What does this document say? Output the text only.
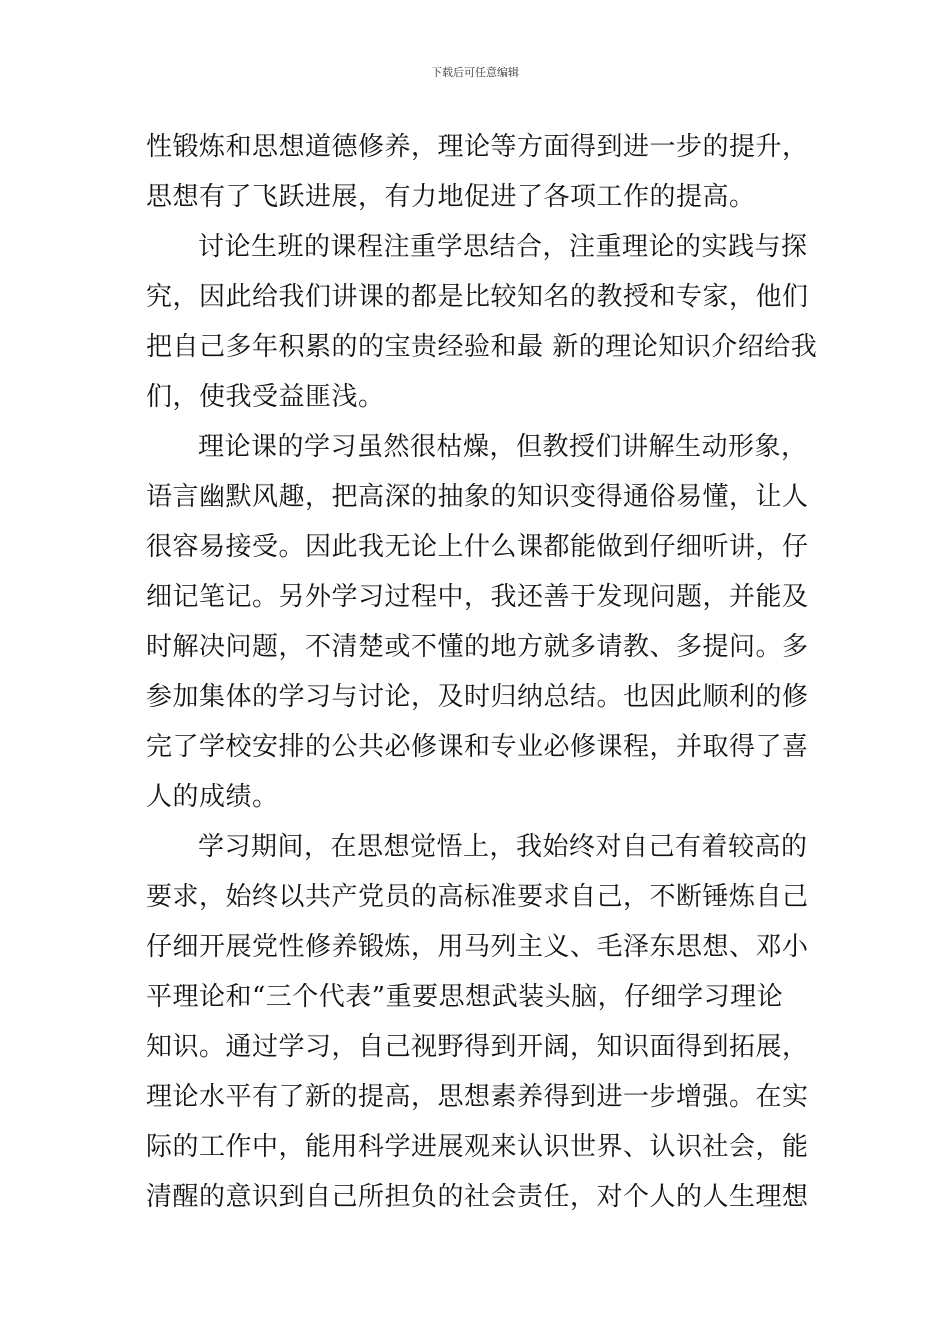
下载后可任意编辑
性锻炼和思想道德修养，理论等方面得到进一步的提升，
思想有了飞跃进展，有力地促进了各项工作的提高。
讨论生班的课程注重学思结合，注重理论的实践与探
究，因此给我们讲课的都是比较知名的教授和专家，他们
把自己多年积累的的宝贵经验和最 新的理论知识介绍给我
们，使我受益匪浅。
理论课的学习虽然很枯燥，但教授们讲解生动形象，
语言幽默风趣，把高深的抽象的知识变得通俗易懂，让人
很容易接受。因此我无论上什么课都能做到仔细听讲，仔
细记笔记。另外学习过程中，我还善于发现问题，并能及
时解决问题，不清楚或不懂的地方就多请教、多提问。多
参加集体的学习与讨论，及时归纳总结。也因此顺利的修
完了学校安排的公共必修课和专业必修课程，并取得了喜
人的成绩。
学习期间，在思想觉悟上，我始终对自己有着较高的
要求，始终以共产党员的高标准要求自己，不断锤炼自己
仔细开展党性修养锻炼，用马列主义、毛泽东思想、邓小
平理论和“三个代表”重要思想武装头脑，仔细学习理论
知识。通过学习，自己视野得到开阔，知识面得到拓展，
理论水平有了新的提高，思想素养得到进一步增强。在实
际的工作中，能用科学进展观来认识世界、认识社会，能
清醒的意识到自己所担负的社会责任，对个人的人生理想
